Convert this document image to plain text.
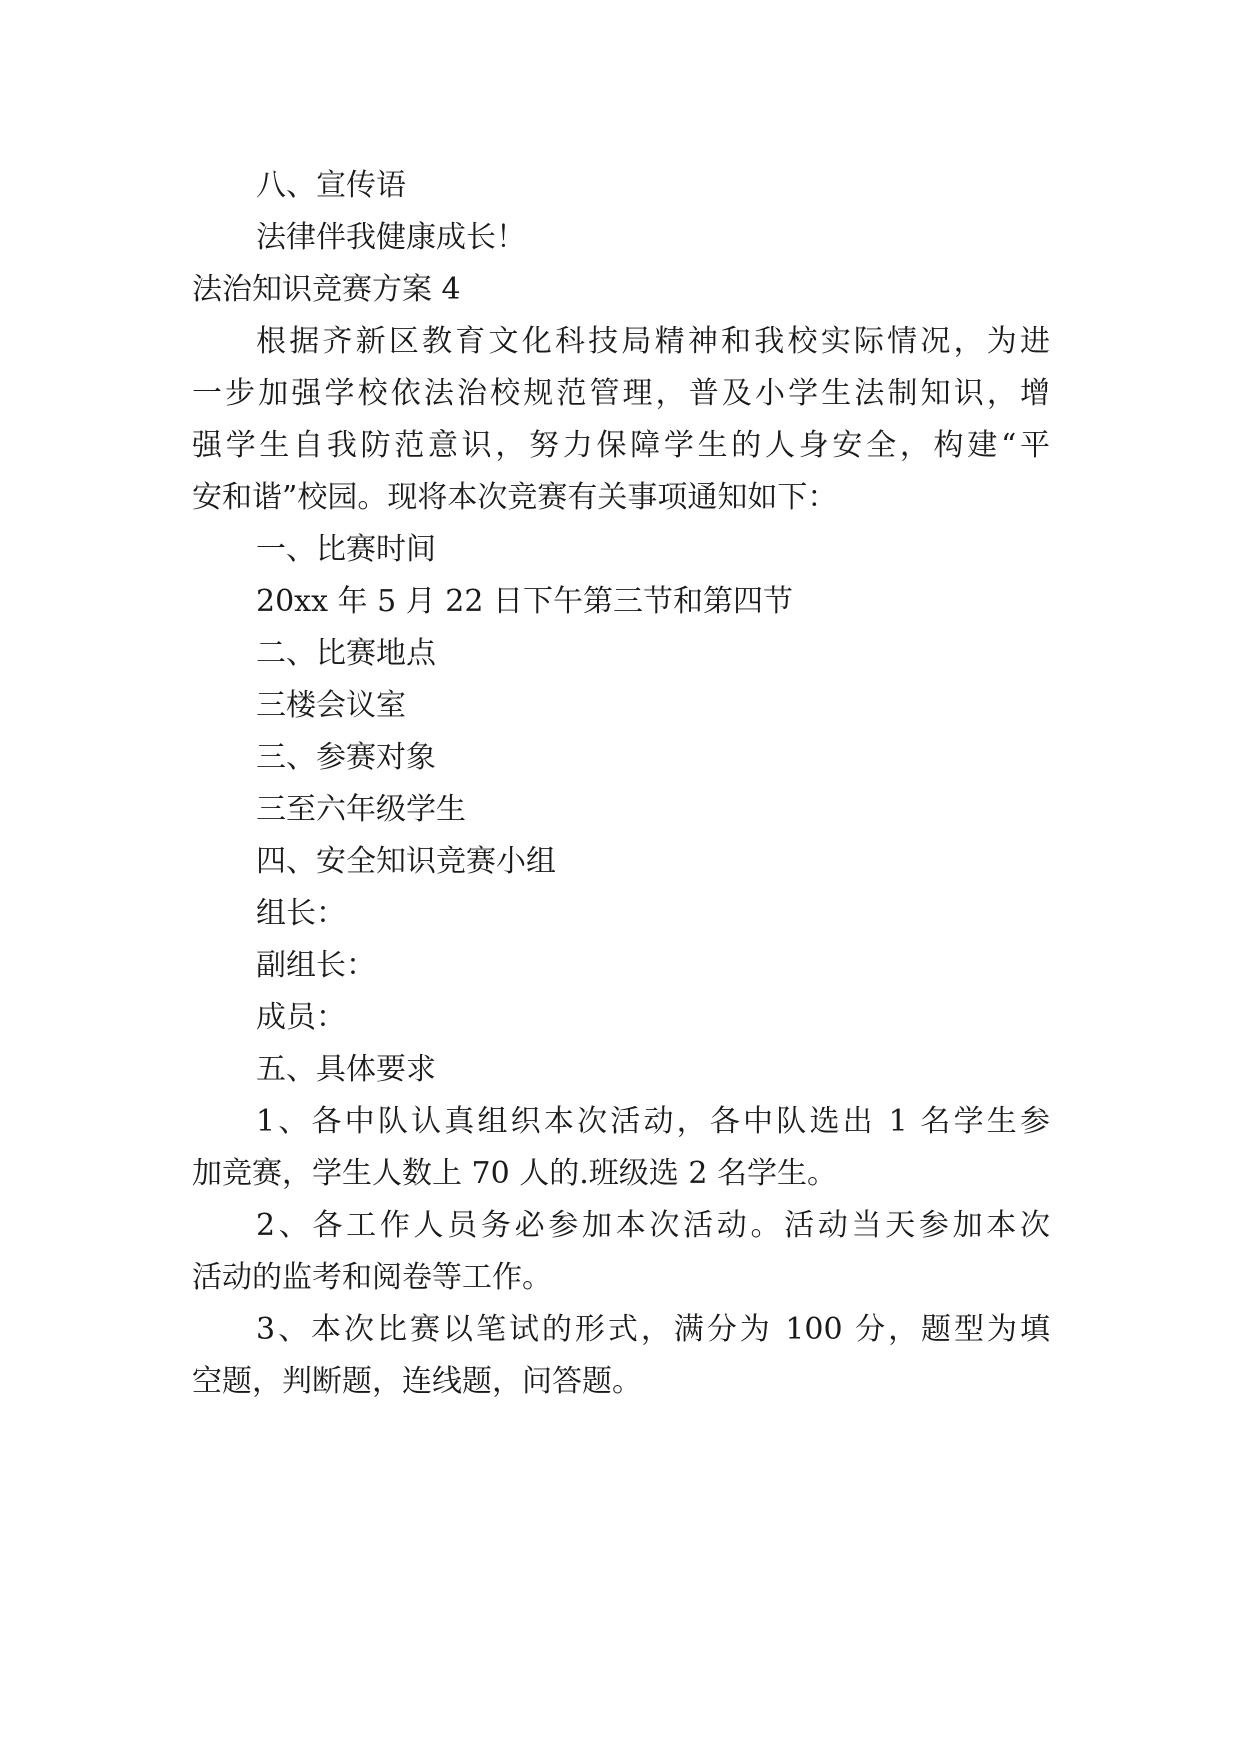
八、宣传语
法律伴我健康成长！
法治知识竞赛方案 4
根据齐新区教育文化科技局精神和我校实际情况，为进
一步加强学校依法治校规范管理，普及小学生法制知识，增
强学生自我防范意识，努力保障学生的人身安全，构建“平
安和谐”校园。现将本次竞赛有关事项通知如下：
一、比赛时间
20xx 年 5 月 22 日下午第三节和第四节
二、比赛地点
三楼会议室
三、参赛对象
三至六年级学生
四、安全知识竞赛小组
组长：
副组长：
成员：
五、具体要求
1、各中队认真组织本次活动，各中队选出 1 名学生参
加竞赛，学生人数上 70 人的.班级选 2 名学生。
2、各工作人员务必参加本次活动。活动当天参加本次
活动的监考和阅卷等工作。
3、本次比赛以笔试的形式，满分为 100 分，题型为填
空题，判断题，连线题，问答题。
